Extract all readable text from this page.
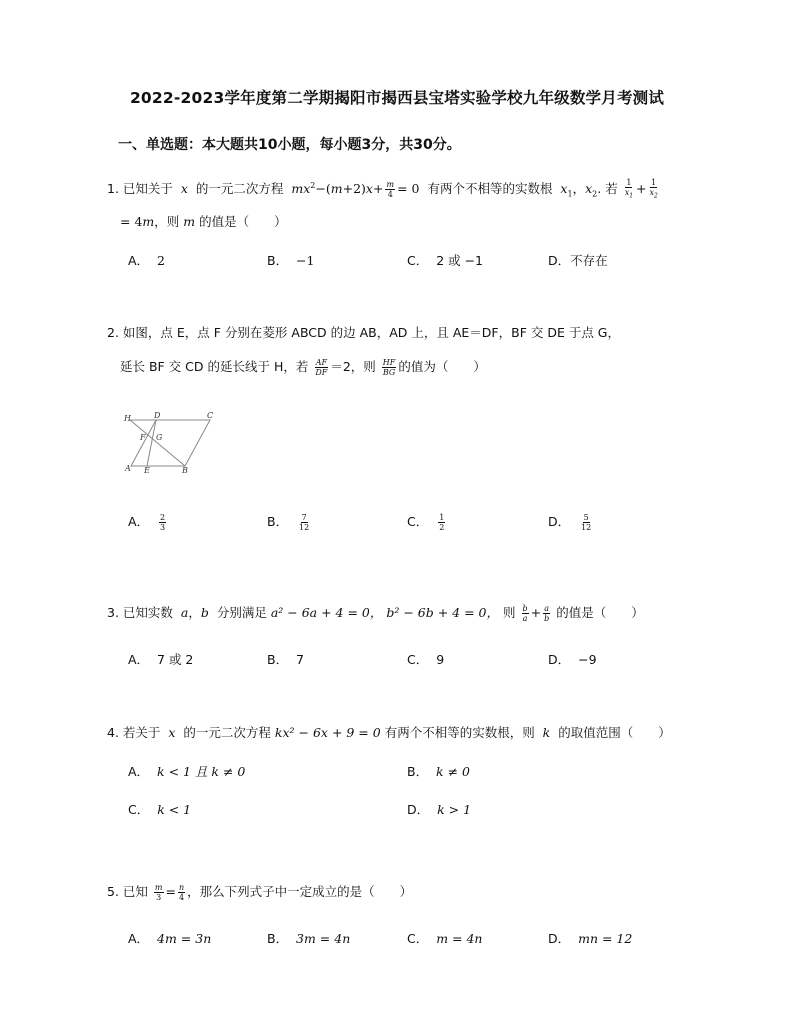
2022-2023学年度第二学期揭阳市揭西县宝塔实验学校九年级数学月考测试
一、单选题：本大题共10小题，每小题3分，共30分。
1. 已知关于  x  的一元二次方程  $mx^2-(m+2)x+ \frac{m}{4} = 0$ 有两个不相等的实数根  $x_1$，$x_2$. 若 $\frac{1}{x_1} + \frac{1}{x_2}$
= 4m，则 m 的值是（　　）
A． 2	B． −1	C． 2 或 −1	D．不存在
2. 如图，点 E，点 F 分别在菱形 ABCD 的边 AB，AD 上，且 AE＝DF，BF 交 DE 于点 G，
延长 BF 交 CD 的延长线于 H，若 $\frac{AF}{DF} =2$，则 $\frac{HF}{BG}$ 的值为（　　）
H	D	C
F G
A E	B
A． $\frac{2}{3}$	B． $\frac{7}{12}$	C． $\frac{1}{2}$	D． $\frac{5}{12}$
3. 已知实数  a，b  分别满足 a² − 6a + 4 = 0， b² − 6b + 4 = 0， 则 $\frac{b}{a} + \frac{a}{b}$ 的值是（　　）
A． 7 或 2	B． 7	C． 9	D． −9
4. 若关于  x  的一元二次方程 kx² − 6x + 9 = 0 有两个不相等的实数根，则  k  的取值范围（　　）
A． k < 1 且 k ≠ 0	B． k ≠ 0
C． k < 1	D． k > 1
5. 已知 $\frac{m}{3} = \frac{n}{4}$ ，那么下列式子中一定成立的是（　　）
A． 4m = 3n	B． 3m = 4n	C． m = 4n	D． mn = 12
